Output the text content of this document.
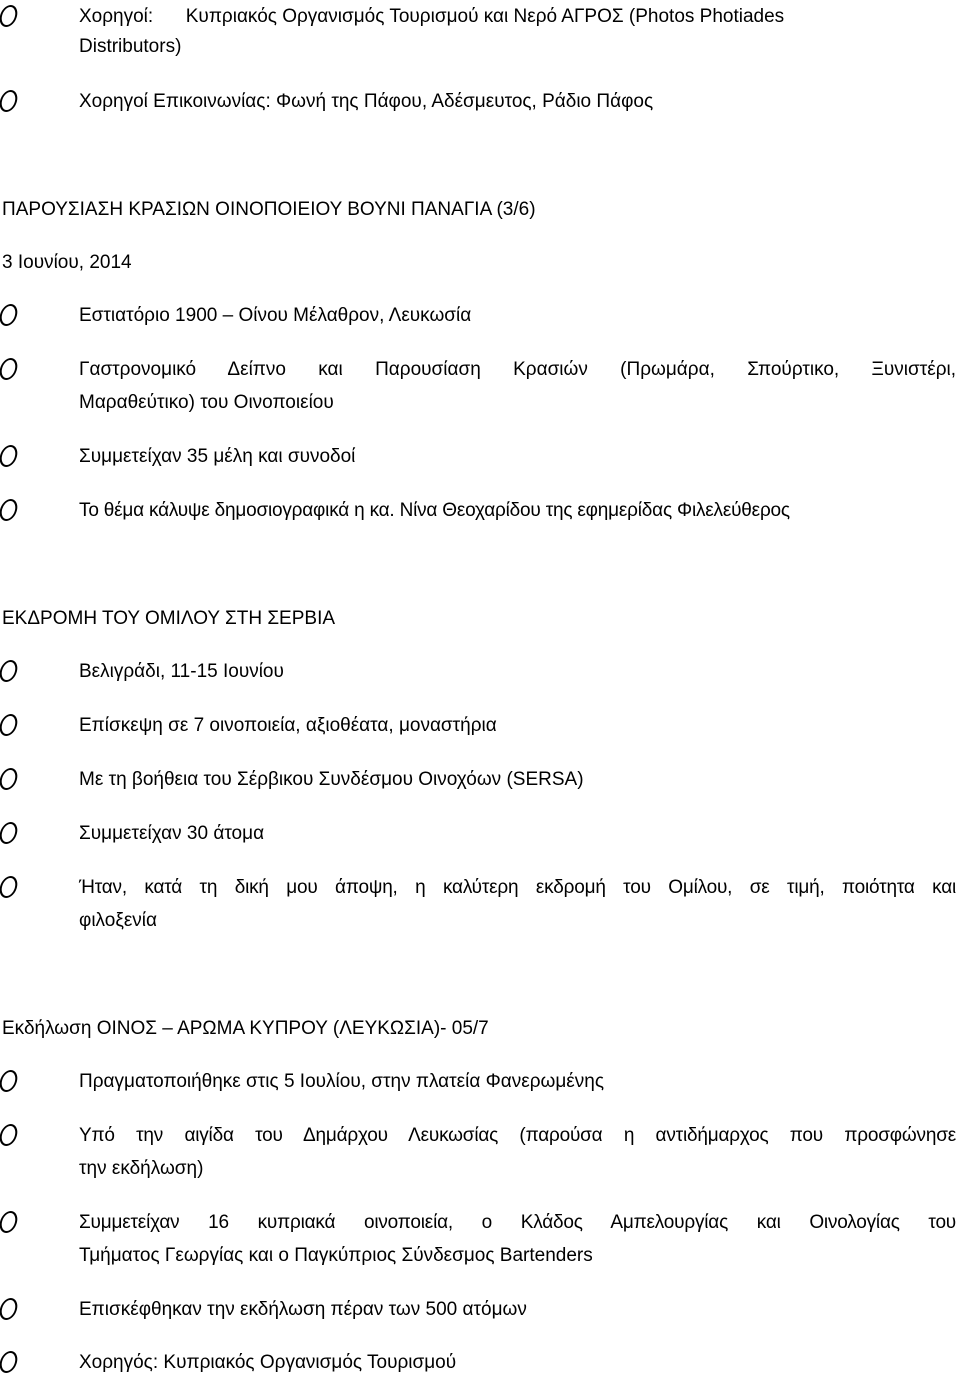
Χορηγοί: Κυπριακός Οργανισμός Τουρισμού και Νερό ΑΓΡΟΣ (Photos Photiades
Distributors)
Χορηγοί Επικοινωνίας: Φωνή της Πάφου, Αδέσμευτος, Ράδιο Πάφος
ΠΑΡΟΥΣΙΑΣΗ ΚΡΑΣΙΩΝ ΟΙΝΟΠΟΙΕΙΟΥ ΒΟΥΝΙ ΠΑΝΑΓΙΑ (3/6)
3 Ιουνίου, 2014
Εστιατόριο 1900 – Οίνου Μέλαθρον, Λευκωσία
Γαστρονομικό Δείπνο και Παρουσίαση Κρασιών (Πρωμάρα, Σπούρτικο, Ξυνιστέρι,
Μαραθεύτικο) του Οινοποιείου
Συμμετείχαν 35 μέλη και συνοδοί
Το θέμα κάλυψε δημοσιογραφικά η κα. Νίνα Θεοχαρίδου της εφημερίδας Φιλελεύθερος
ΕΚΔΡΟΜΗ ΤΟΥ ΟΜΙΛΟΥ ΣΤΗ ΣΕΡΒΙΑ
Βελιγράδι, 11-15 Ιουνίου
Επίσκεψη σε 7 οινοποιεία, αξιοθέατα, μοναστήρια
Με τη βοήθεια του Σέρβικου Συνδέσμου Οινοχόων (SERSA)
Συμμετείχαν 30 άτομα
Ήταν, κατά τη δική μου άποψη, η καλύτερη εκδρομή του Ομίλου, σε τιμή, ποιότητα και
φιλοξενία
Εκδήλωση ΟΙΝΟΣ – ΑΡΩΜΑ ΚΥΠΡΟΥ (ΛΕΥΚΩΣΙΑ)- 05/7
Πραγματοποιήθηκε στις 5 Ιουλίου, στην πλατεία Φανερωμένης
Υπό την αιγίδα του Δημάρχου Λευκωσίας (παρούσα η αντιδήμαρχος που προσφώνησε
την εκδήλωση)
Συμμετείχαν 16 κυπριακά οινοποιεία, ο Κλάδος Αμπελουργίας και Οινολογίας του
Τμήματος Γεωργίας και ο Παγκύπριος Σύνδεσμος Bartenders
Επισκέφθηκαν την εκδήλωση πέραν των 500 ατόμων
Χορηγός: Κυπριακός Οργανισμός Τουρισμού
